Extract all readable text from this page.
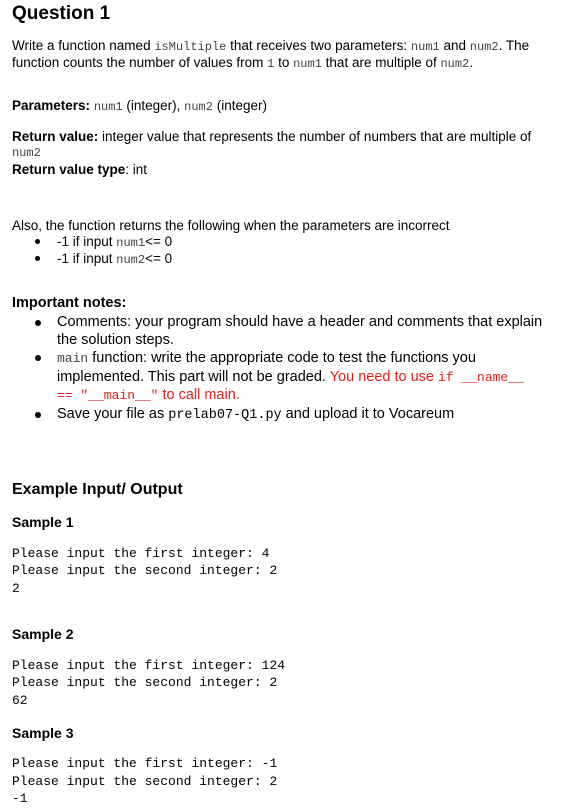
Question 1
Write a function named isMultiple that receives two parameters: num1 and num2. The
function counts the number of values from 1 to num1 that are multiple of num2.
Parameters: num1 (integer), num2 (integer)
Return value: integer value that represents the number of numbers that are multiple of
num2
Return value type: int
Also, the function returns the following when the parameters are incorrect
-1 if input num1<= 0
-1 if input num2<= 0
Important notes:
Comments: your program should have a header and comments that explain
the solution steps.
main function: write the appropriate code to test the functions you
implemented. This part will not be graded. You need to use if __name__
== "__main__" to call main.
Save your file as prelab07-Q1.py and upload it to Vocareum
Example Input/ Output
Sample 1
Please input the first integer: 4
Please input the second integer: 2
2
Sample 2
Please input the first integer: 124
Please input the second integer: 2
62
Sample 3
Please input the first integer: -1
Please input the second integer: 2
-1
